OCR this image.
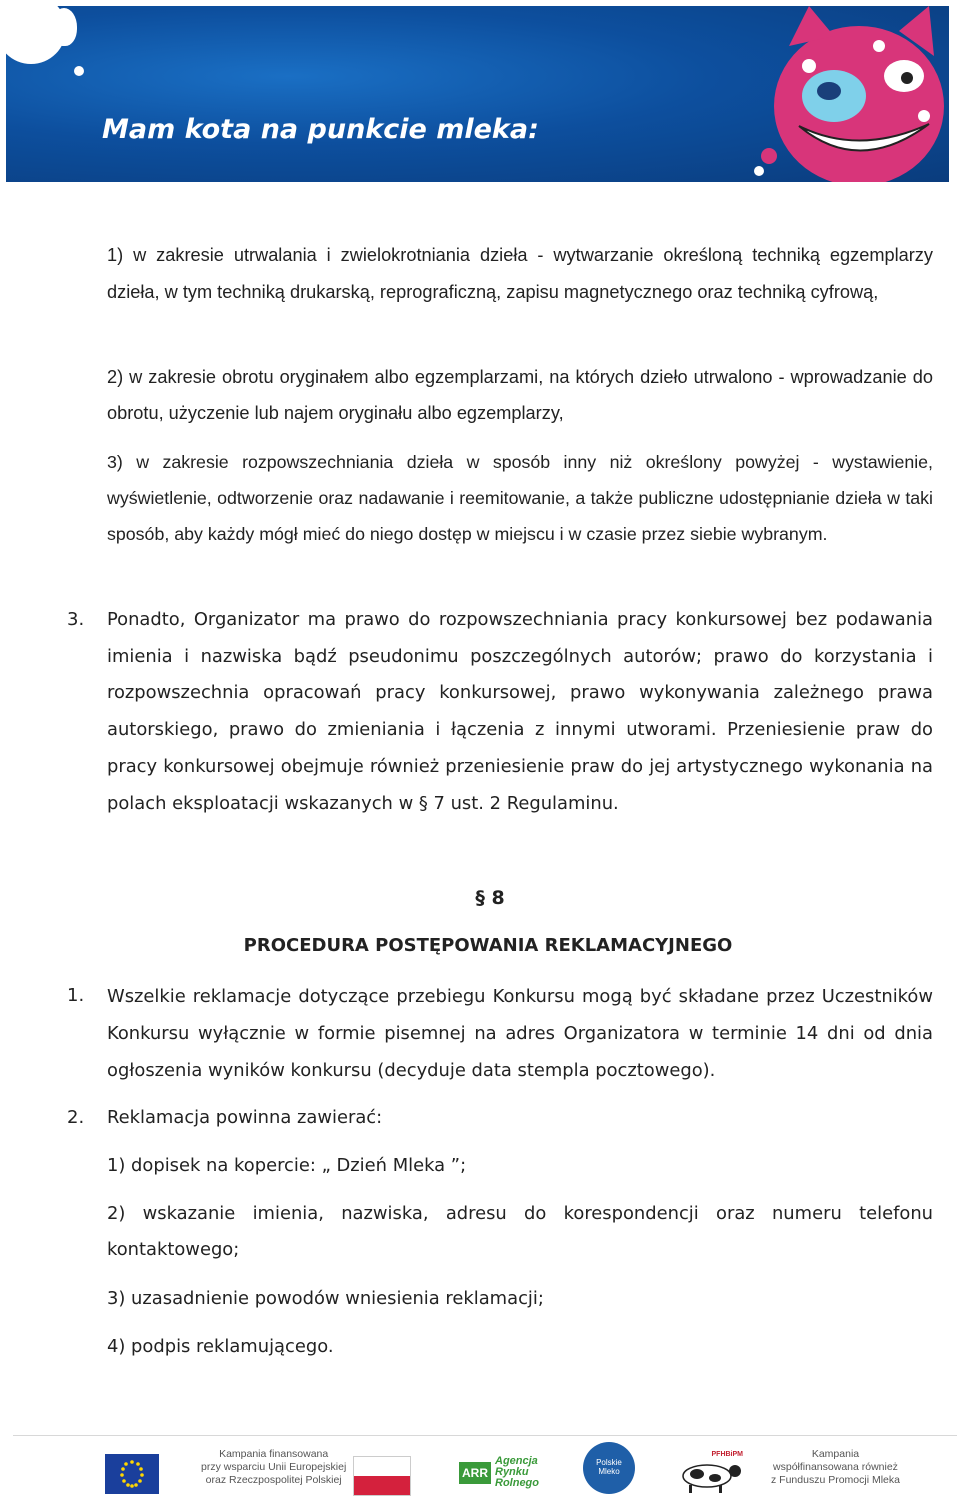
Mam kota na punkcie mleka:
1) w zakresie utrwalania i zwielokrotniania dzieła - wytwarzanie określoną techniką egzemplarzy dzieła, w tym techniką drukarską, reprograficzną, zapisu magnetycznego oraz techniką cyfrową,
2) w zakresie obrotu oryginałem albo egzemplarzami, na których dzieło utrwalono - wprowadzanie do obrotu, użyczenie lub najem oryginału albo egzemplarzy,
3) w zakresie rozpowszechniania dzieła w sposób inny niż określony powyżej - wystawienie, wyświetlenie, odtworzenie oraz nadawanie i reemitowanie, a także publiczne udostępnianie dzieła w taki sposób, aby każdy mógł mieć do niego dostęp w miejscu i w czasie przez siebie wybranym.
3. Ponadto, Organizator ma prawo do rozpowszechniania pracy konkursowej bez podawania imienia i nazwiska bądź pseudonimu poszczególnych autorów; prawo do korzystania i rozpowszechnia opracowań pracy konkursowej, prawo wykonywania zależnego prawa autorskiego, prawo do zmieniania i łączenia z innymi utworami. Przeniesienie praw do pracy konkursowej obejmuje również przeniesienie praw do jej artystycznego wykonania na polach eksploatacji wskazanych w § 7 ust. 2 Regulaminu.
§ 8
PROCEDURA POSTĘPOWANIA REKLAMACYJNEGO
1. Wszelkie reklamacje dotyczące przebiegu Konkursu mogą być składane przez Uczestników Konkursu wyłącznie w formie pisemnej na adres Organizatora w terminie 14 dni od dnia ogłoszenia wyników konkursu (decyduje data stempla pocztowego).
2. Reklamacja powinna zawierać:
1) dopisek na kopercie: „ Dzień Mleka ”;
2) wskazanie imienia, nazwiska, adresu do korespondencji oraz numeru telefonu kontaktowego;
3) uzasadnienie powodów wniesienia reklamacji;
4) podpis reklamującego.
Kampania finansowana
przy wsparciu Unii Europejskiej
oraz Rzeczpospolitej Polskiej
ARR
Agencja
Rynku
Rolnego
Polskie
Mleko
PFHBiPM	Kampania
współfinansowana również
z Funduszu Promocji Mleka
